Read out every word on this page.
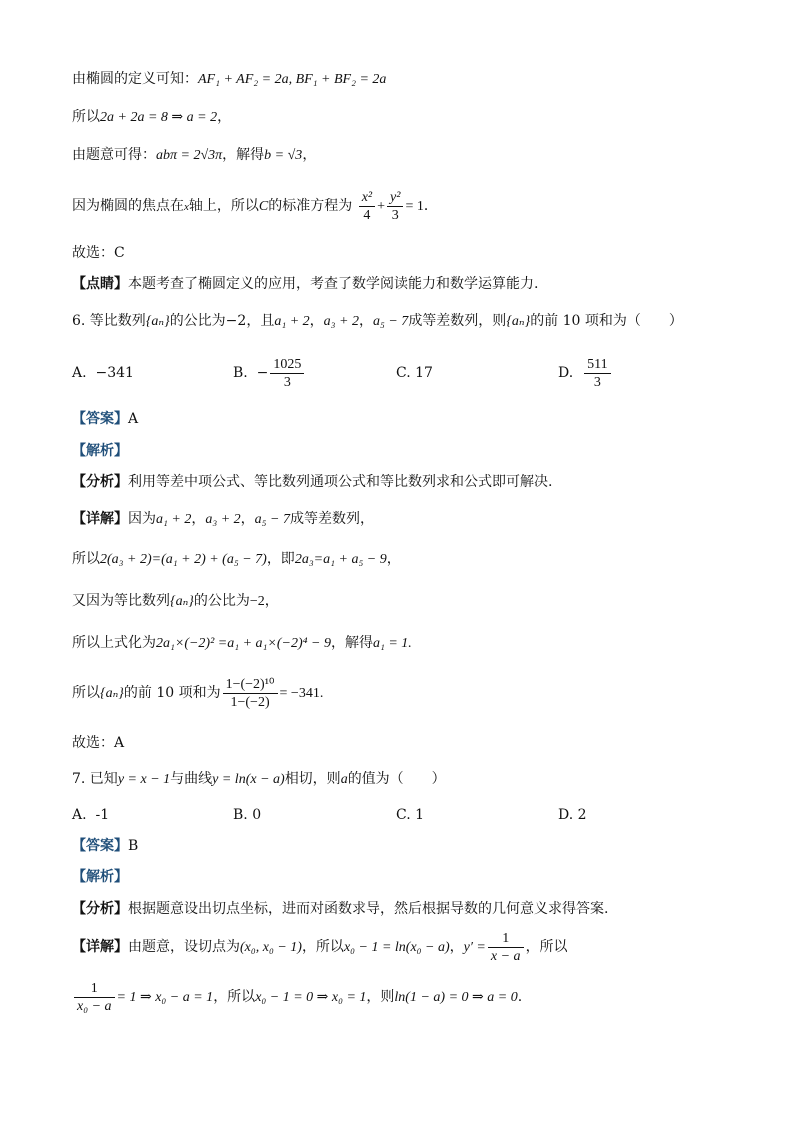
由椭圆的定义可知：AF₁ + AF₂ = 2a, BF₁ + BF₂ = 2a
所以2a + 2a = 8 ⇒ a = 2，
由题意可得：abπ = 2√3π，解得b = √3，
因为椭圆的焦点在x轴上，所以C的标准方程为 $\frac{\text{x²}}{4} + \frac{\text{y²}}{3} = 1$．
故选：C
【点睛】本题考查了椭圆定义的应用，考查了数学阅读能力和数学运算能力.
6. 等比数列{aₙ}的公比为−2，且a₁ + 2，a₃ + 2，a₅ − 7成等差数列，则{aₙ}的前 10 项和为（　　）
A. −341	B. − $\frac{1025}{3}$	C. 17	D. $\frac{511}{3}$
【答案】A
【解析】
【分析】利用等差中项公式、等比数列通项公式和等比数列求和公式即可解决.
【详解】因为a₁ + 2，a₃ + 2，a₅ − 7成等差数列，
所以2(a₃ + 2)=(a₁ + 2) + (a₅ − 7)，即2a₃=a₁ + a₅ − 9，
又因为等比数列{aₙ}的公比为−2，
所以上式化为2a₁×(−2)² =a₁ + a₁×(−2)⁴ − 9，解得a₁ = 1.
所以{aₙ}的前 10 项和为 $\frac{\text{1−(−2)¹⁰}}{1-(-2)} = -341$.
故选：A
7. 已知y = x − 1与曲线y = ln(x − a)相切，则a的值为（　　）
A. -1	B. 0	C. 1	D. 2
【答案】B
【解析】
【分析】根据题意设出切点坐标，进而对函数求导，然后根据导数的几何意义求得答案.
【详解】由题意，设切点为(x₀, x₀ − 1)，所以x₀ − 1 = ln(x₀ − a)，$y' = \frac{1}{x - a}$ ，所以
$\frac{1}{\text{x₀ − a}} = 1$ ⇒ x₀ − a = 1，所以x₀ − 1 = 0 ⇒ x₀ = 1，则ln(1 − a) = 0 ⇒ a = 0.
